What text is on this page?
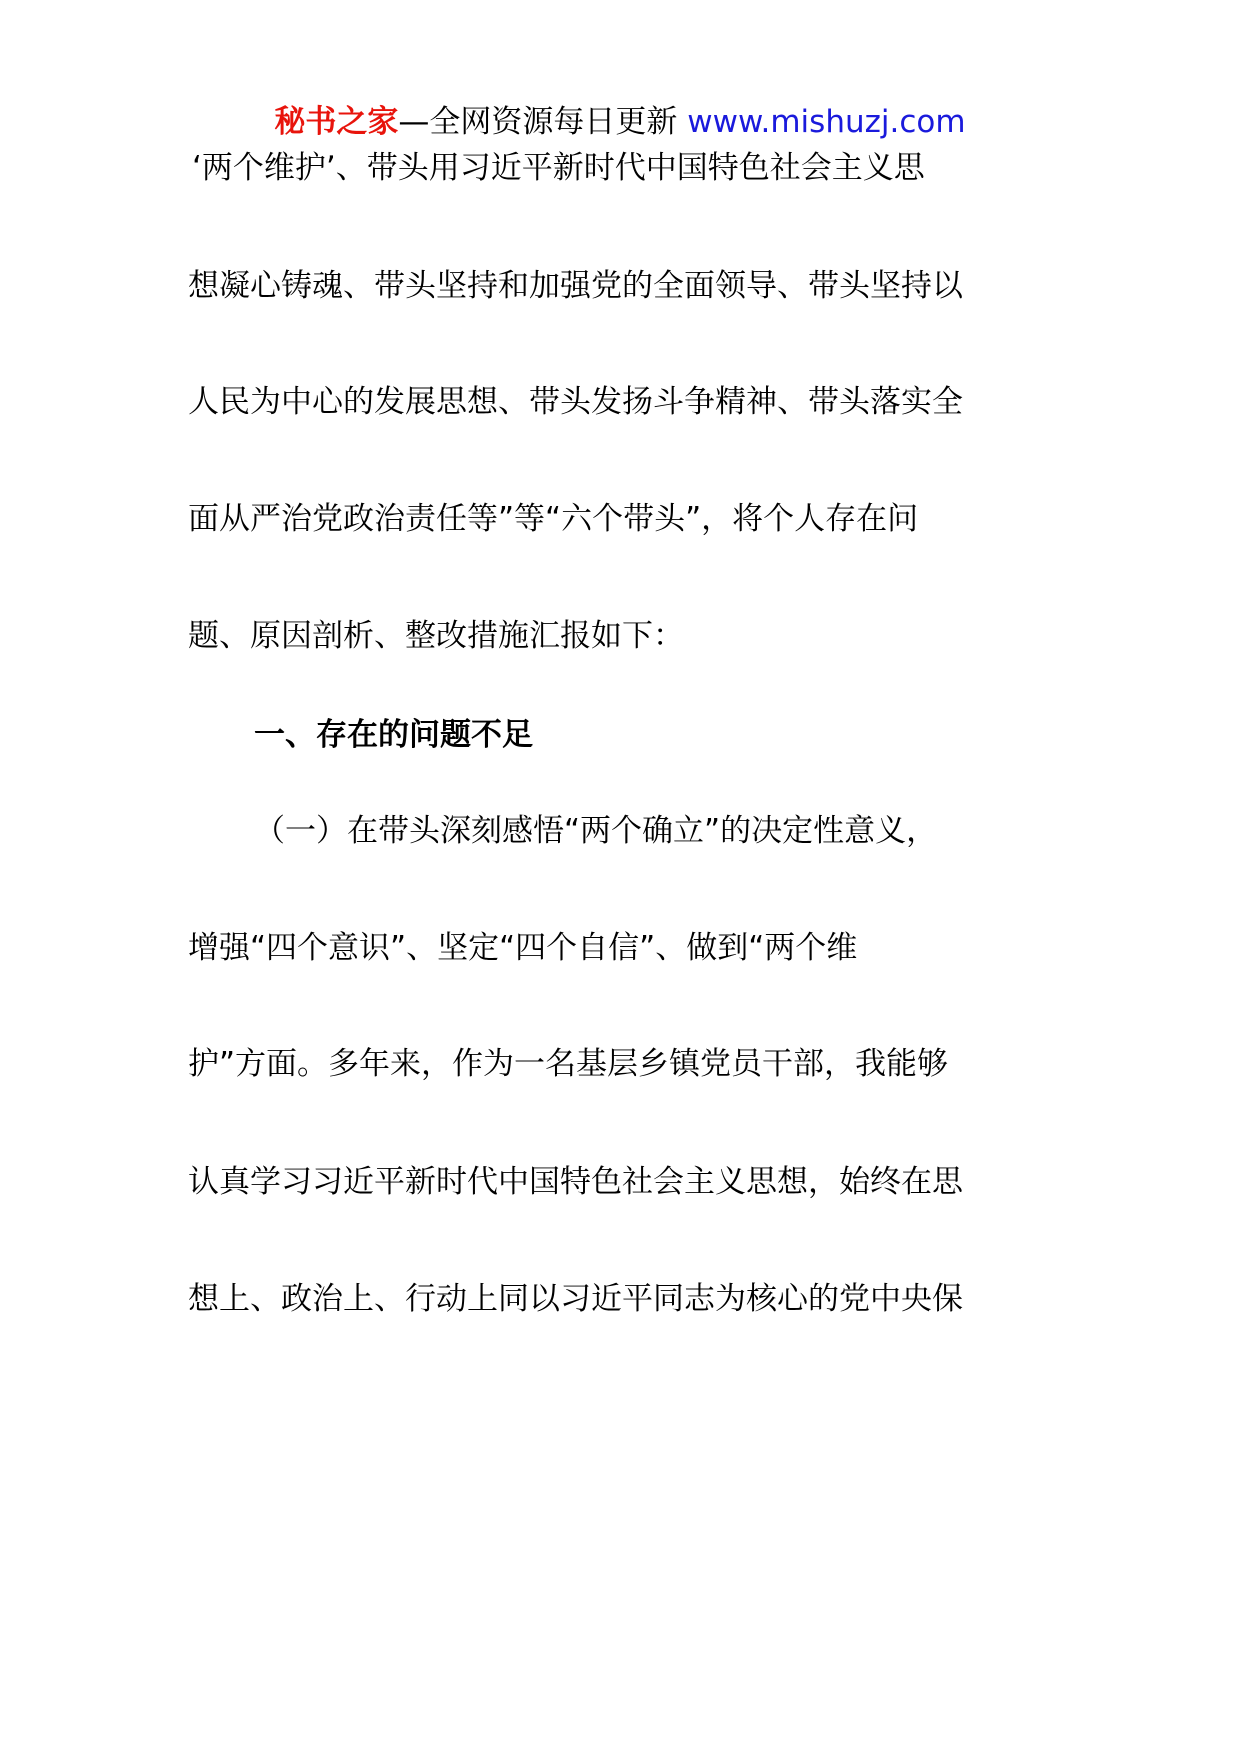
秘书之家—全网资源每日更新 www.mishuzj.com
‘两个维护’、带头用习近平新时代中国特色社会主义思
想凝心铸魂、带头坚持和加强党的全面领导、带头坚持以
人民为中心的发展思想、带头发扬斗争精神、带头落实全
面从严治党政治责任等”等“六个带头”，将个人存在问
题、原因剖析、整改措施汇报如下：
一、存在的问题不足
（一）在带头深刻感悟“两个确立”的决定性意义，
增强“四个意识”、坚定“四个自信”、做到“两个维
护”方面。多年来，作为一名基层乡镇党员干部，我能够
认真学习习近平新时代中国特色社会主义思想，始终在思
想上、政治上、行动上同以习近平同志为核心的党中央保
